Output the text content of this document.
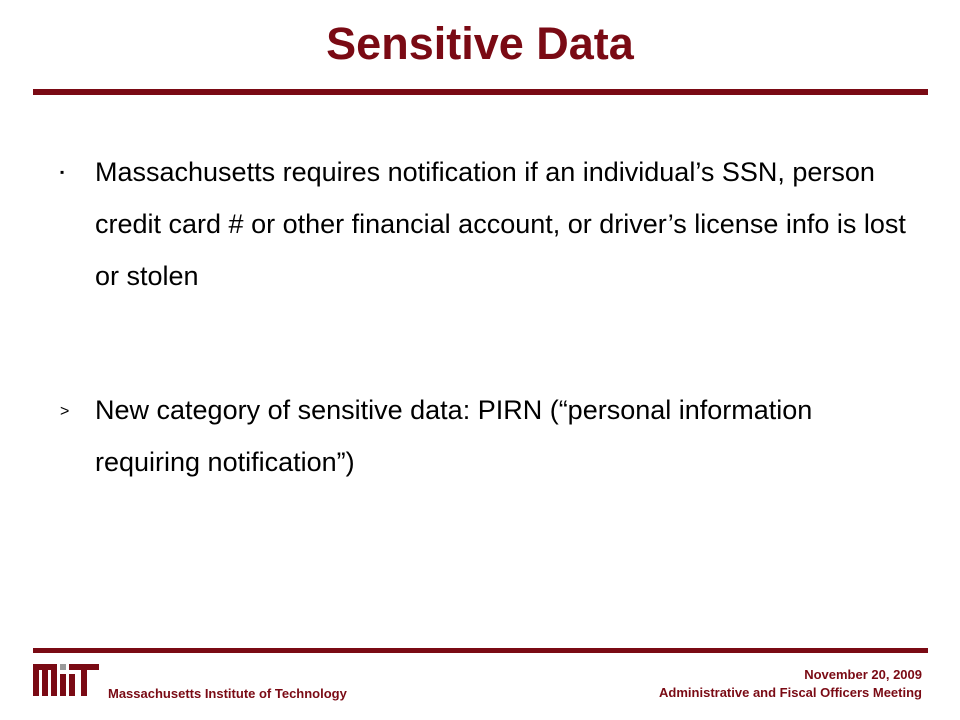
Sensitive Data
▪ Massachusetts requires notification if an individual’s SSN, person credit card # or other financial account, or driver’s license info is lost or stolen
> New category of sensitive data: PIRN (“personal information requiring notification”)
Massachusetts Institute of Technology
November 20, 2009
Administrative and Fiscal Officers Meeting
